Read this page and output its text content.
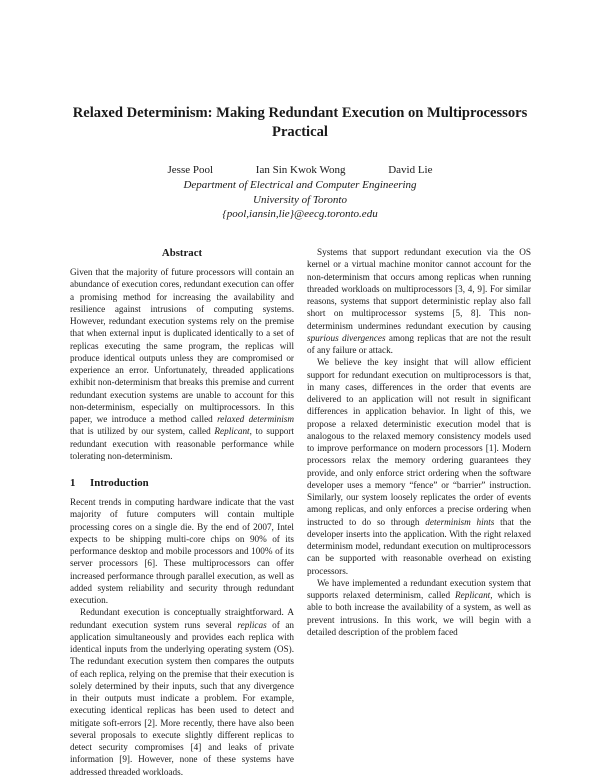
Relaxed Determinism: Making Redundant Execution on Multiprocessors Practical
Jesse Pool	Ian Sin Kwok Wong	David Lie
Department of Electrical and Computer Engineering
University of Toronto
{pool,iansin,lie}@eecg.toronto.edu
Abstract

Given that the majority of future processors will contain an abundance of execution cores, redundant execution can offer a promising method for increasing the availability and resilience against intrusions of computing systems. However, redundant execution systems rely on the premise that when external input is duplicated identically to a set of replicas executing the same program, the replicas will produce identical outputs unless they are compromised or experience an error. Unfortunately, threaded applications exhibit non-determinism that breaks this premise and current redundant execution systems are unable to account for this non-determinism, especially on multiprocessors. In this paper, we introduce a method called relaxed determinism that is utilized by our system, called Replicant, to support redundant execution with reasonable performance while tolerating non-determinism.

1 Introduction

Recent trends in computing hardware indicate that the vast majority of future computers will contain multiple processing cores on a single die. By the end of 2007, Intel expects to be shipping multi-core chips on 90% of its performance desktop and mobile processors and 100% of its server processors [6]. These multiprocessors can offer increased performance through parallel execution, as well as added system reliability and security through redundant execution.

Redundant execution is conceptually straightforward. A redundant execution system runs several replicas of an application simultaneously and provides each replica with identical inputs from the underlying operating system (OS). The redundant execution system then compares the outputs of each replica, relying on the premise that their execution is solely determined by their inputs, such that any divergence in their outputs must indicate a problem. For example, executing identical replicas has been used to detect and mitigate soft-errors [2]. More recently, there have also been several proposals to execute slightly different replicas to detect security compromises [4] and leaks of private information [9]. However, none of these systems have addressed threaded workloads.

Systems that support redundant execution via the OS kernel or a virtual machine monitor cannot account for the non-determinism that occurs among replicas when running threaded workloads on multiprocessors [3, 4, 9]. For similar reasons, systems that support deterministic replay also fall short on multiprocessor systems [5, 8]. This non-determinism undermines redundant execution by causing spurious divergences among replicas that are not the result of any failure or attack.

We believe the key insight that will allow efficient support for redundant execution on multiprocessors is that, in many cases, differences in the order that events are delivered to an application will not result in significant differences in application behavior. In light of this, we propose a relaxed deterministic execution model that is analogous to the relaxed memory consistency models used to improve performance on modern processors [1]. Modern processors relax the memory ordering guarantees they provide, and only enforce strict ordering when the software developer uses a memory “fence” or “barrier” instruction. Similarly, our system loosely replicates the order of events among replicas, and only enforces a precise ordering when instructed to do so through determinism hints that the developer inserts into the application. With the right relaxed determinism model, redundant execution on multiprocessors can be supported with reasonable overhead on existing processors.

We have implemented a redundant execution system that supports relaxed determinism, called Replicant, which is able to both increase the availability of a system, as well as prevent intrusions. In this work, we will begin with a detailed description of the problem faced
